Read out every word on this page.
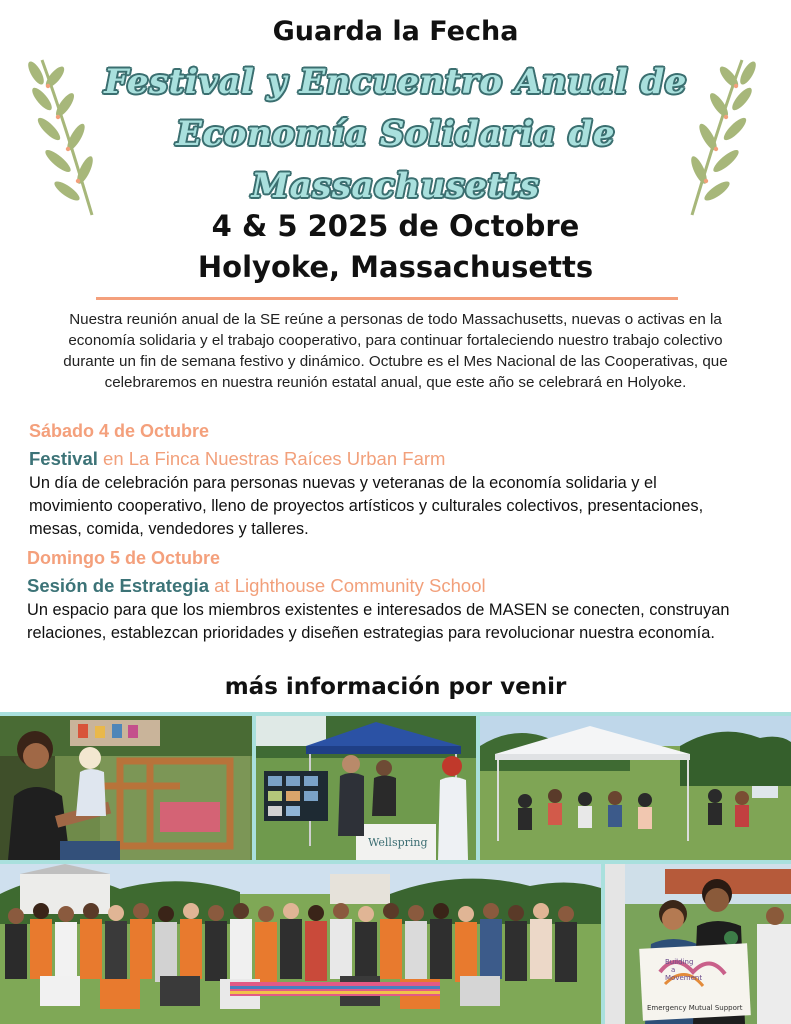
Guarda la Fecha
Festival y Encuentro Anual de
Economía Solidaria de
Massachusetts
4 & 5 2025 de Octobre
Holyoke, Massachusetts
Nuestra reunión anual de la SE reúne a personas de todo Massachusetts, nuevas o activas en la economía solidaria y el trabajo cooperativo, para continuar fortaleciendo nuestro trabajo colectivo durante un fin de semana festivo y dinámico. Octubre es el Mes Nacional de las Cooperativas, que celebraremos en nuestra reunión estatal anual, que este año se celebrará en Holyoke.
Sábado 4 de Octubre
Festival en La Finca Nuestras Raíces Urban Farm
Un día de celebración para personas nuevas y veteranas de la economía solidaria y el movimiento cooperativo, lleno de proyectos artísticos y culturales colectivos, presentaciones, mesas, comida, vendedores y talleres.
Domingo 5 de Octubre
Sesión de Estrategia at Lighthouse Community School
Un espacio para que los miembros existentes e interesados de MASEN se conecten, construyan relaciones, establezcan prioridades y diseñen estrategias para revolucionar nuestra economía.
más información por venir
Wellspring
Building
a
Movement
Emergency Mutual Support
